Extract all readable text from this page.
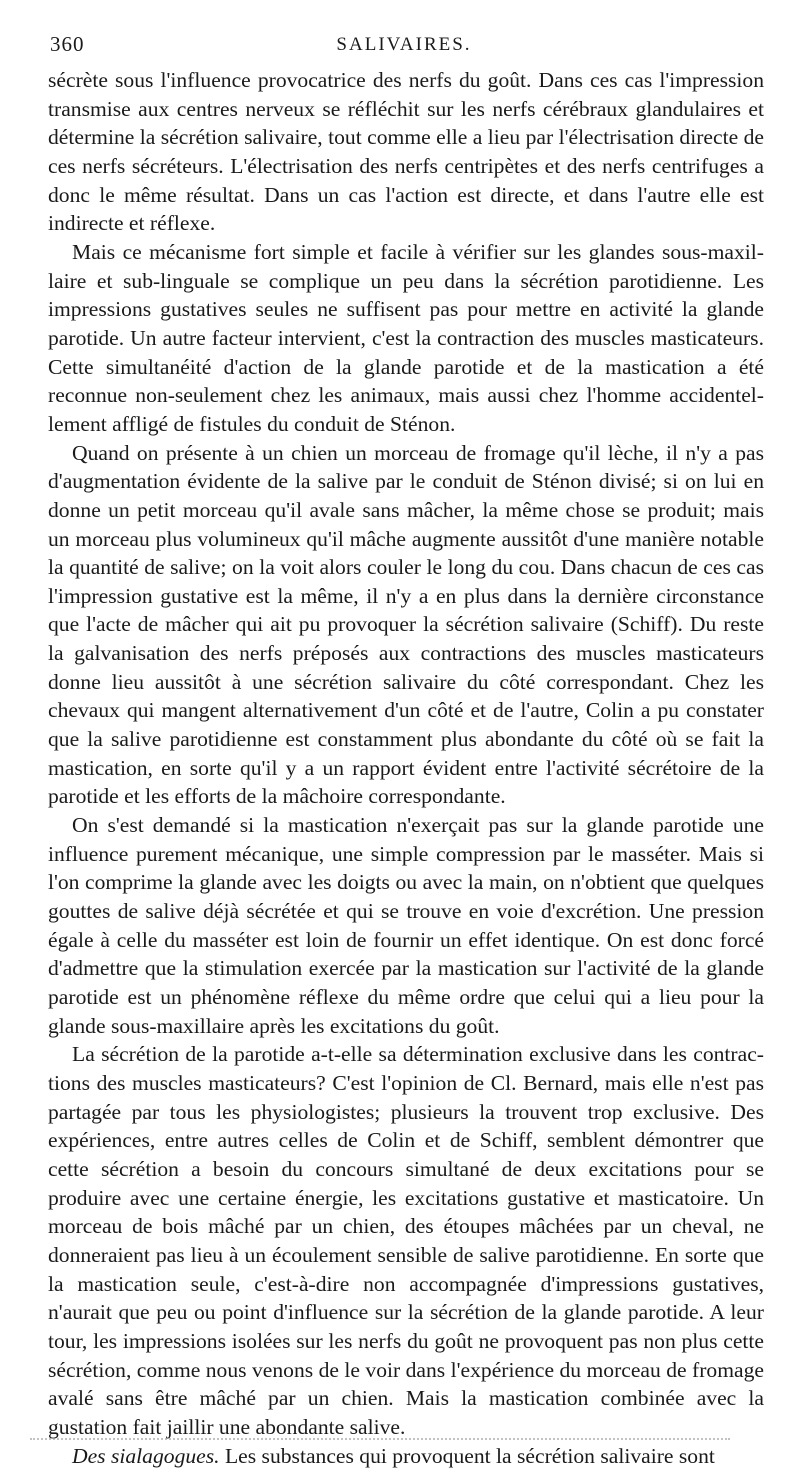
360	SALIVAIRES.

sécrète sous l'influence provocatrice des nerfs du goût. Dans ces cas l'impression transmise aux centres nerveux se réfléchit sur les nerfs cérébraux glandulaires et détermine la sécrétion salivaire, tout comme elle a lieu par l'électrisation directe de ces nerfs sécréteurs. L'électrisation des nerfs centripètes et des nerfs centrifuges a donc le même résultat. Dans un cas l'action est directe, et dans l'autre elle est indirecte et réflexe.

Mais ce mécanisme fort simple et facile à vérifier sur les glandes sous-maxillaire et sub-linguale se complique un peu dans la sécrétion parotidienne. Les impressions gustatives seules ne suffisent pas pour mettre en activité la glande parotide. Un autre facteur intervient, c'est la contraction des muscles masticateurs. Cette simultanéité d'action de la glande parotide et de la mastication a été reconnue non-seulement chez les animaux, mais aussi chez l'homme accidentellement affligé de fistules du conduit de Sténon.

Quand on présente à un chien un morceau de fromage qu'il lèche, il n'y a pas d'augmentation évidente de la salive par le conduit de Sténon divisé; si on lui en donne un petit morceau qu'il avale sans mâcher, la même chose se produit; mais un morceau plus volumineux qu'il mâche augmente aussitôt d'une manière notable la quantité de salive; on la voit alors couler le long du cou. Dans chacun de ces cas l'impression gustative est la même, il n'y a en plus dans la dernière circonstance que l'acte de mâcher qui ait pu provoquer la sécrétion salivaire (Schiff). Du reste la galvanisation des nerfs préposés aux contractions des muscles masticateurs donne lieu aussitôt à une sécrétion salivaire du côté correspondant. Chez les chevaux qui mangent alternativement d'un côté et de l'autre, Colin a pu constater que la salive parotidienne est constamment plus abondante du côté où se fait la mastication, en sorte qu'il y a un rapport évident entre l'activité sécrétoire de la parotide et les efforts de la mâchoire correspondante.

On s'est demandé si la mastication n'exerçait pas sur la glande parotide une influence purement mécanique, une simple compression par le masséter. Mais si l'on comprime la glande avec les doigts ou avec la main, on n'obtient que quelques gouttes de salive déjà sécrétée et qui se trouve en voie d'excrétion. Une pression égale à celle du masséter est loin de fournir un effet identique. On est donc forcé d'admettre que la stimulation exercée par la mastication sur l'activité de la glande parotide est un phénomène réflexe du même ordre que celui qui a lieu pour la glande sous-maxillaire après les excitations du goût.

La sécrétion de la parotide a-t-elle sa détermination exclusive dans les contractions des muscles masticateurs? C'est l'opinion de Cl. Bernard, mais elle n'est pas partagée par tous les physiologistes; plusieurs la trouvent trop exclusive. Des expériences, entre autres celles de Colin et de Schiff, semblent démontrer que cette sécrétion a besoin du concours simultané de deux excitations pour se produire avec une certaine énergie, les excitations gustative et masticatoire. Un morceau de bois mâché par un chien, des étoupes mâchées par un cheval, ne donneraient pas lieu à un écoulement sensible de salive parotidienne. En sorte que la mastication seule, c'est-à-dire non accompagnée d'impressions gustatives, n'aurait que peu ou point d'influence sur la sécrétion de la glande parotide. A leur tour, les impressions isolées sur les nerfs du goût ne provoquent pas non plus cette sécrétion, comme nous venons de le voir dans l'expérience du morceau de fromage avalé sans être mâché par un chien. Mais la mastication combinée avec la gustation fait jaillir une abondante salive.

Des sialagogues. Les substances qui provoquent la sécrétion salivaire sont
